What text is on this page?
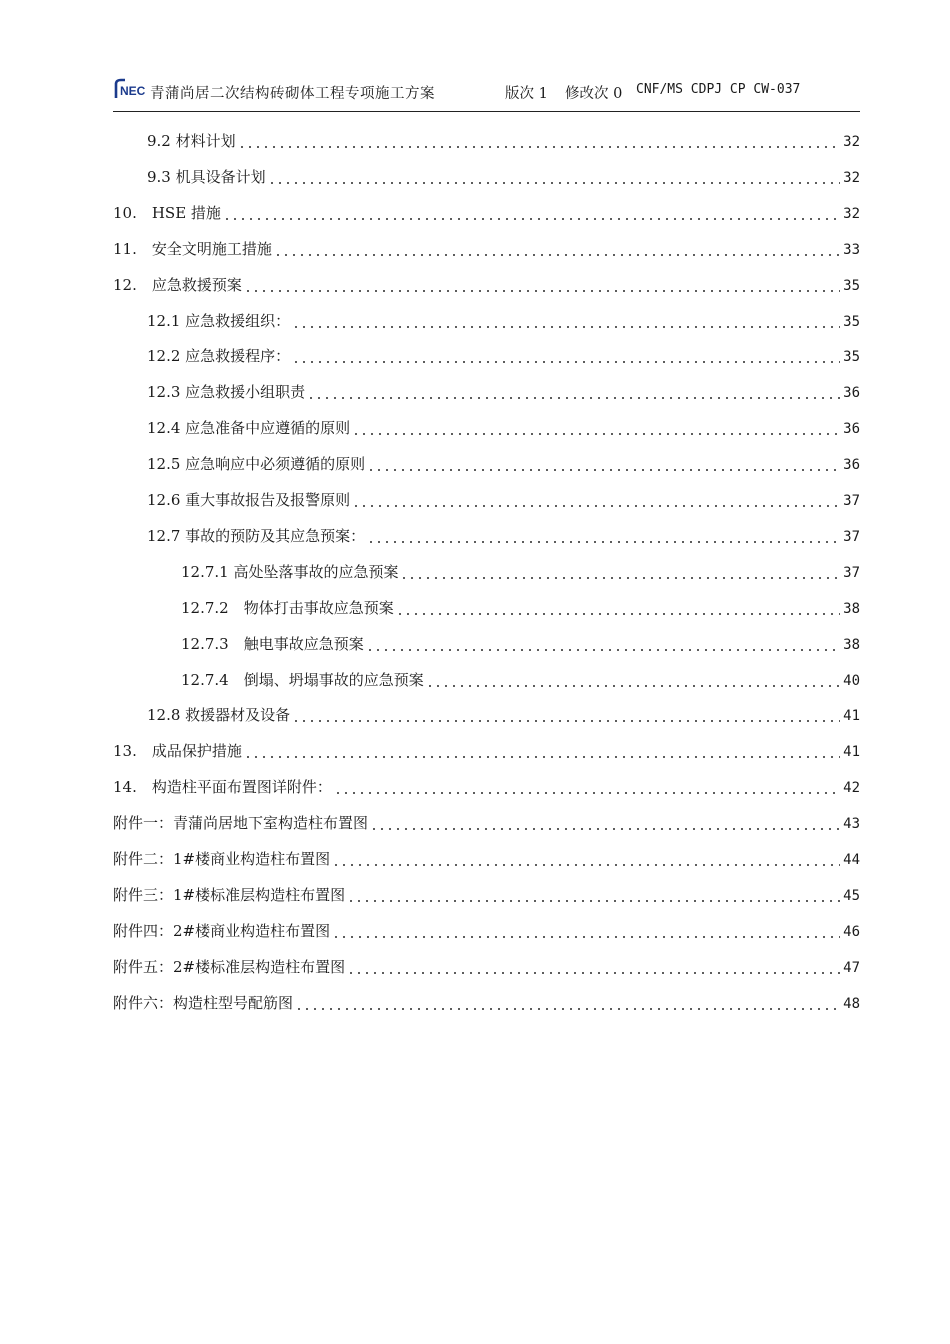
NEC 青蒲尚居二次结构砖砌体工程专项施工方案	版次 1 修改次 0 CNF/MS CDPJ CP CW-037
9.2 材料计划	32
9.3 机具设备计划	32
10.　HSE 措施	32
11.　安全文明施工措施	33
12.　应急救援预案	35
12.1 应急救援组织：	35
12.2 应急救援程序：	35
12.3 应急救援小组职责	36
12.4 应急准备中应遵循的原则	36
12.5 应急响应中必须遵循的原则	36
12.6 重大事故报告及报警原则	37
12.7 事故的预防及其应急预案：	37
12.7.1 高处坠落事故的应急预案	37
12.7.2　物体打击事故应急预案	38
12.7.3　触电事故应急预案	38
12.7.4　倒塌、坍塌事故的应急预案	40
12.8 救援器材及设备	41
13.　成品保护措施	41
14.　构造柱平面布置图详附件：	42
附件一：青蒲尚居地下室构造柱布置图	43
附件二：1#楼商业构造柱布置图	44
附件三：1#楼标准层构造柱布置图	45
附件四：2#楼商业构造柱布置图	46
附件五：2#楼标准层构造柱布置图	47
附件六：构造柱型号配筋图	48
